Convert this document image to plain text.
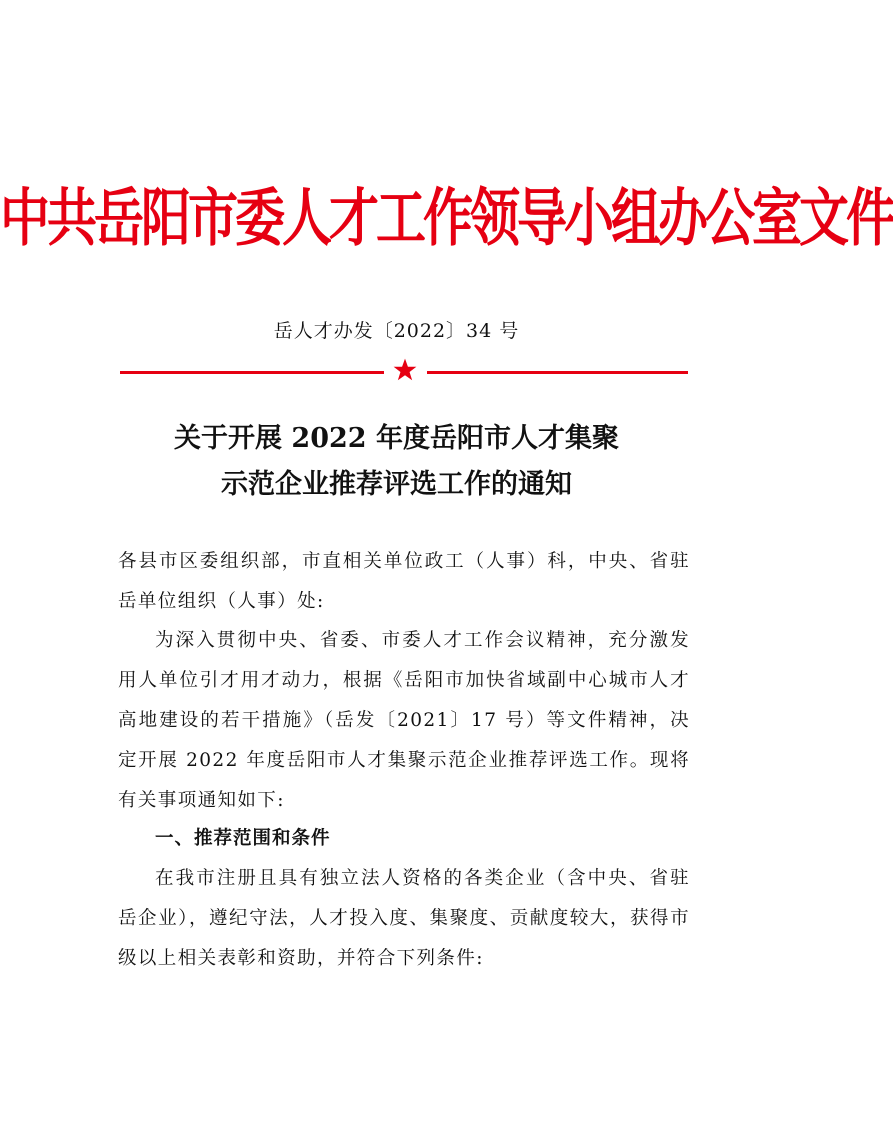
中共岳阳市委人才工作领导小组办公室文件
岳人才办发〔2022〕34 号
关于开展 2022 年度岳阳市人才集聚
示范企业推荐评选工作的通知

各县市区委组织部，市直相关单位政工（人事）科，中央、省驻岳单位组织（人事）处:

为深入贯彻中央、省委、市委人才工作会议精神，充分激发用人单位引才用才动力，根据《岳阳市加快省域副中心城市人才高地建设的若干措施》（岳发〔2021〕17 号）等文件精神，决定开展 2022 年度岳阳市人才集聚示范企业推荐评选工作。现将有关事项通知如下:

一、推荐范围和条件

在我市注册且具有独立法人资格的各类企业（含中央、省驻岳企业），遵纪守法，人才投入度、集聚度、贡献度较大，获得市级以上相关表彰和资助，并符合下列条件:
